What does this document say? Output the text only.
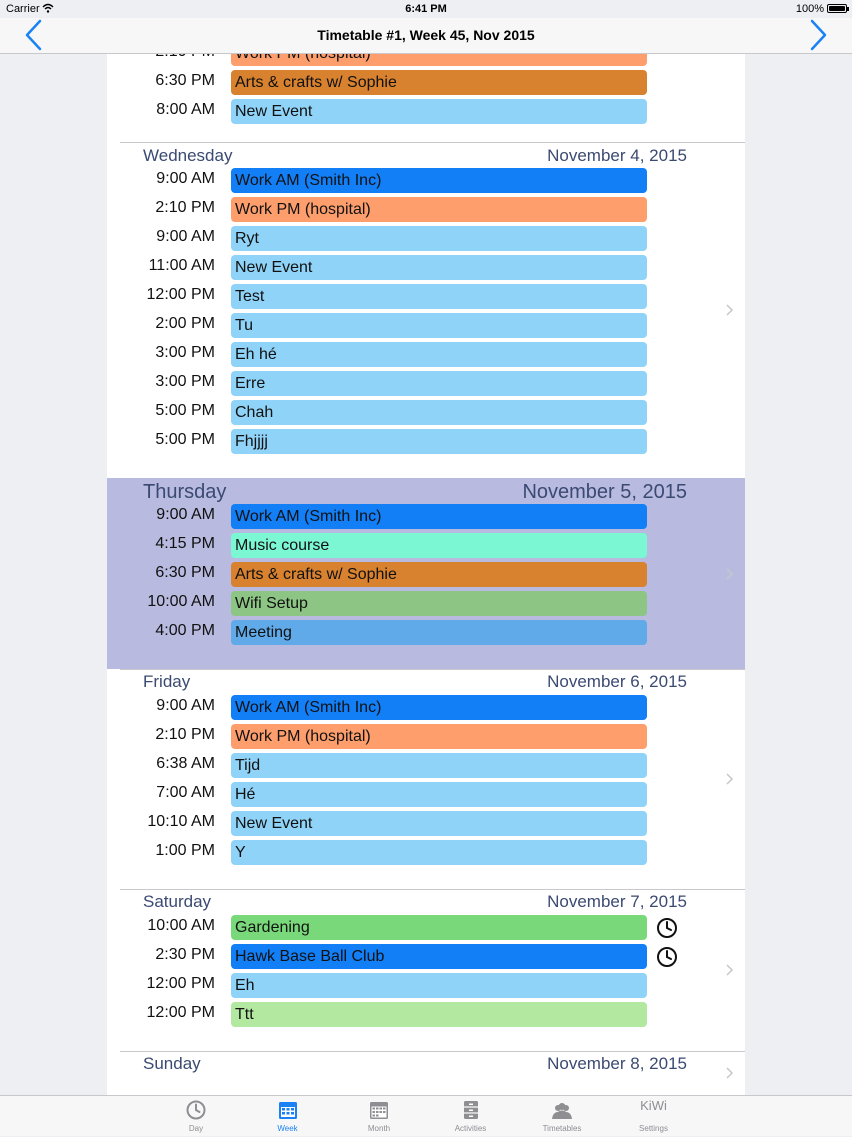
Carrier	6:41 PM	100%
Timetable #1, Week 45, Nov 2015
6:30 PM Arts & crafts w/ Sophie
8:00 AM New Event
Wednesday	November 4, 2015
9:00 AM Work AM (Smith Inc)
2:10 PM Work PM (hospital)
9:00 AM Ryt
11:00 AM New Event
12:00 PM Test
2:00 PM Tu
3:00 PM Eh hé
3:00 PM Erre
5:00 PM Chah
5:00 PM Fhjjjj
Thursday	November 5, 2015
9:00 AM Work AM (Smith Inc)
4:15 PM Music course
6:30 PM Arts & crafts w/ Sophie
10:00 AM Wifi Setup
4:00 PM Meeting
Friday	November 6, 2015
9:00 AM Work AM (Smith Inc)
2:10 PM Work PM (hospital)
6:38 AM Tijd
7:00 AM Hé
10:10 AM New Event
1:00 PM Y
Saturday	November 7, 2015
10:00 AM Gardening
2:30 PM Hawk Base Ball Club
12:00 PM Eh
12:00 PM Ttt
Sunday	November 8, 2015
Day	Week	Month	Activities	Timetables
KiWi
Settings
